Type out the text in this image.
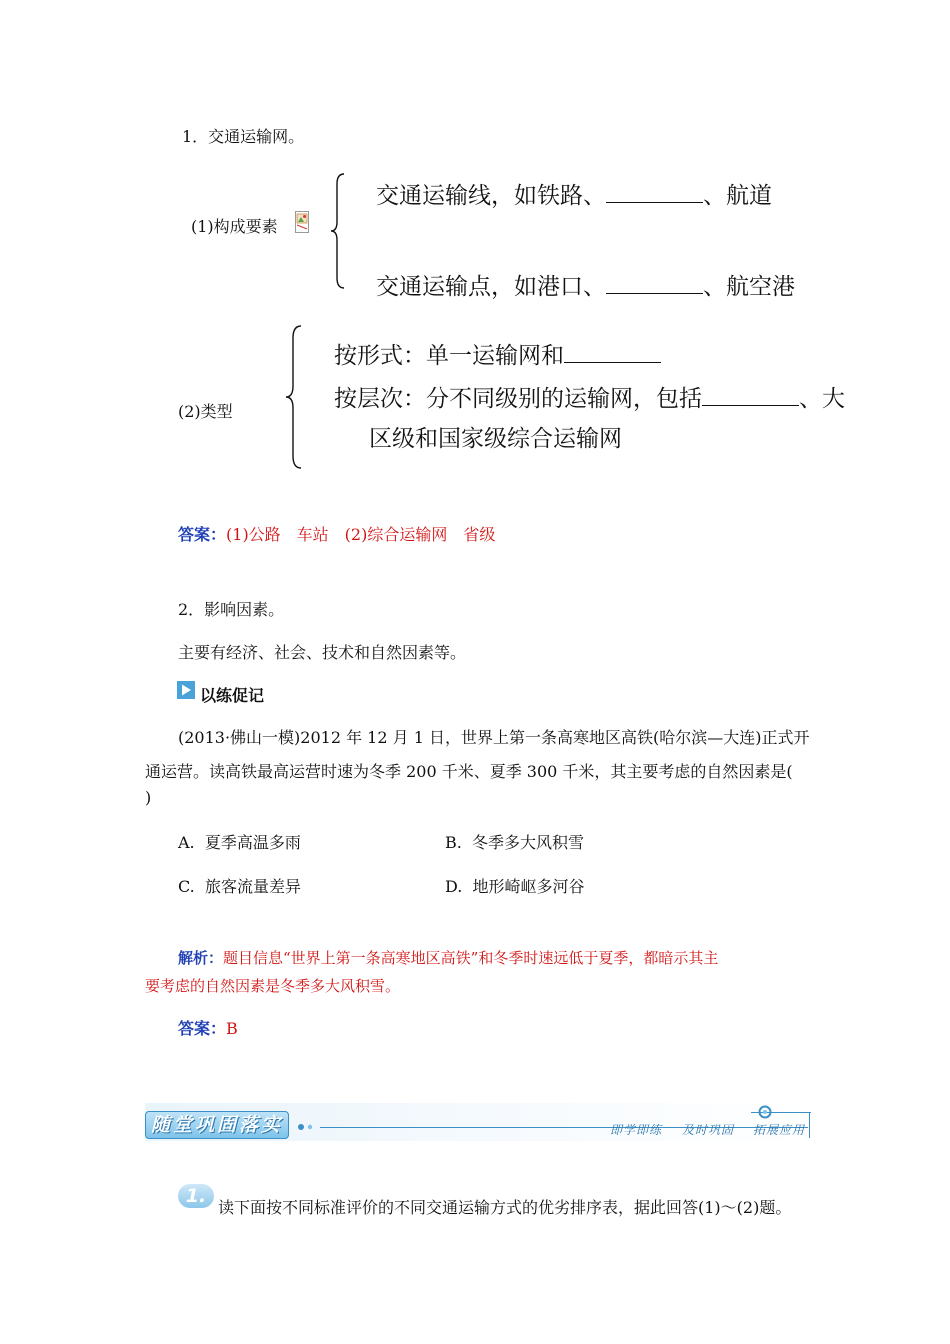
1．交通运输网。
(1)构成要素
交通运输线，如铁路、	、航道
交通运输点，如港口、	、航空港
(2)类型
按形式：单一运输网和
按层次：分不同级别的运输网，包括	、大
区级和国家级综合运输网
答案：(1)公路　车站　(2)综合运输网　省级
2．影响因素。
主要有经济、社会、技术和自然因素等。
以练促记
(2013·佛山一模)2012 年 12 月 1 日，世界上第一条高寒地区高铁(哈尔滨—大连)正式开
通运营。读高铁最高运营时速为冬季 200 千米、夏季 300 千米，其主要考虑的自然因素是(
)
A. 夏季高温多雨	B. 冬季多大风积雪
C. 旅客流量差异	D. 地形崎岖多河谷
解析：题目信息“世界上第一条高寒地区高铁”和冬季时速远低于夏季，都暗示其主
要考虑的自然因素是冬季多大风积雪。
答案：B
随堂巩固落实	即学即练 及时巩固 拓展应用
1.
读下面按不同标准评价的不同交通运输方式的优劣排序表，据此回答(1)～(2)题。
